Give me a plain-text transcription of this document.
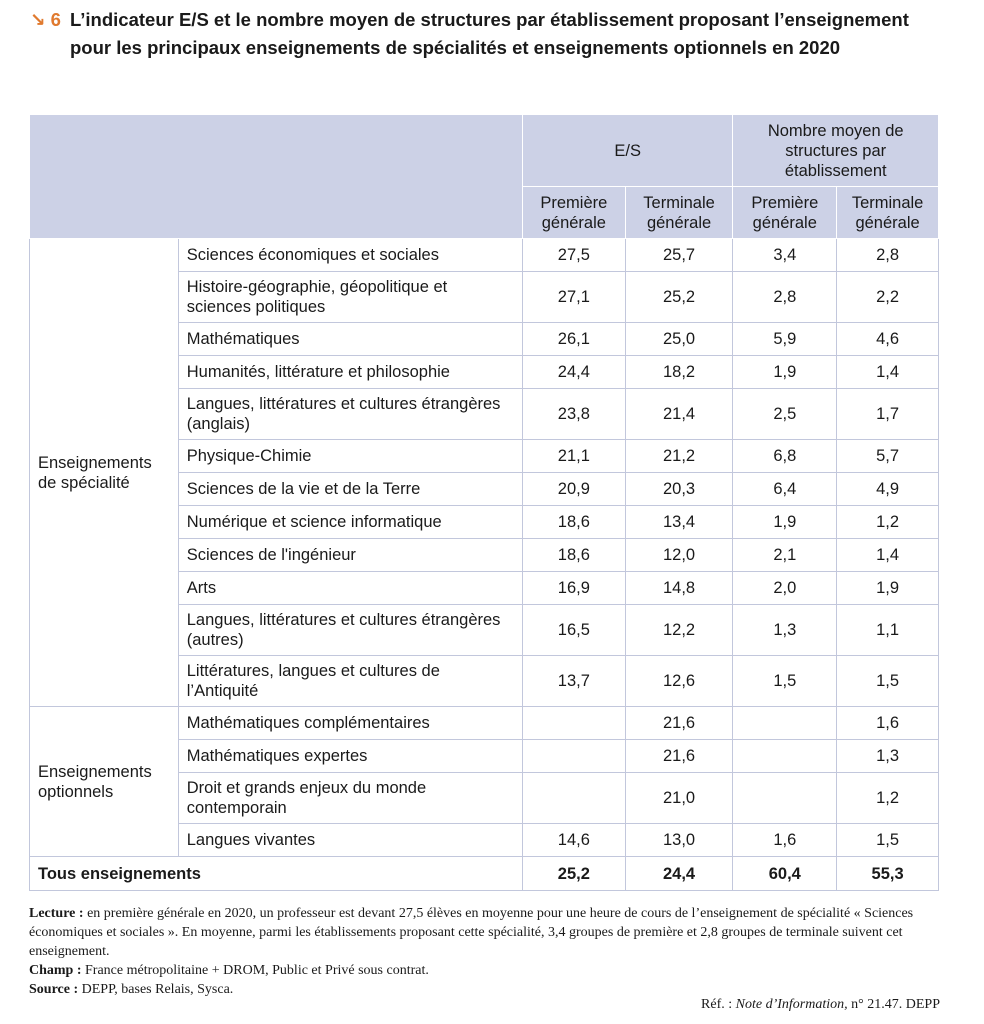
↘ 6 L’indicateur E/S et le nombre moyen de structures par établissement proposant l’enseignement pour les principaux enseignements de spécialités et enseignements optionnels en 2020
		E/S		Nombre moyen de structures par établissement	
		Première générale	Terminale générale	Première générale	Terminale générale
Enseignements de spécialité	Sciences économiques et sociales	27,5	25,7	3,4	2,8
	Histoire-géographie, géopolitique et sciences politiques	27,1	25,2	2,8	2,2
	Mathématiques	26,1	25,0	5,9	4,6
	Humanités, littérature et philosophie	24,4	18,2	1,9	1,4
	Langues, littératures et cultures étrangères (anglais)	23,8	21,4	2,5	1,7
	Physique-Chimie	21,1	21,2	6,8	5,7
	Sciences de la vie et de la Terre	20,9	20,3	6,4	4,9
	Numérique et science informatique	18,6	13,4	1,9	1,2
	Sciences de l'ingénieur	18,6	12,0	2,1	1,4
	Arts	16,9	14,8	2,0	1,9
	Langues, littératures et cultures étrangères (autres)	16,5	12,2	1,3	1,1
	Littératures, langues et cultures de l’Antiquité	13,7	12,6	1,5	1,5
Enseignements optionnels	Mathématiques complémentaires		21,6		1,6
	Mathématiques expertes		21,6		1,3
	Droit et grands enjeux du monde contemporain		21,0		1,2
	Langues vivantes	14,6	13,0	1,6	1,5
Tous enseignements		25,2	24,4	60,4	55,3
Lecture : en première générale en 2020, un professeur est devant 27,5 élèves en moyenne pour une heure de cours de l’enseignement de spécialité « Sciences économiques et sociales ». En moyenne, parmi les établissements proposant cette spécialité, 3,4 groupes de première et 2,8 groupes de terminale suivent cet enseignement.
Champ : France métropolitaine + DROM, Public et Privé sous contrat.
Source : DEPP, bases Relais, Sysca.
Réf. : Note d’Information, n° 21.47. DEPP
